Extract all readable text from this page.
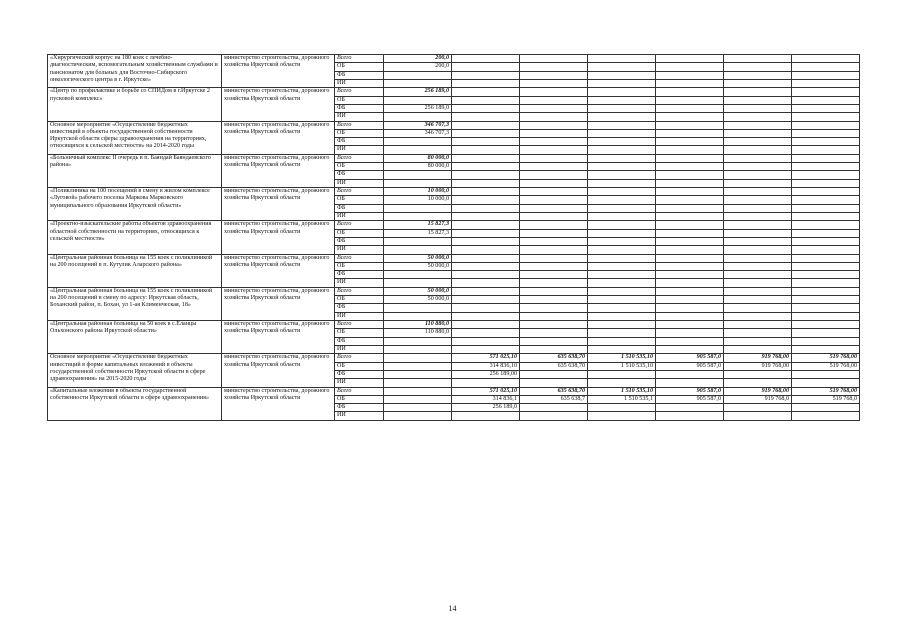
«Хирургический корпус на 180 коек с лечебно-диагностическим, вспомогательным хозяйственным службами и пансионатом для больных для Восточно-Сибирского онкологического центра в г. Иркутске»	министерство строительства, дорожного хозяйства Иркутской области	Всего	200,0						
		ОБ	200,0						
		ФБ							
		ИИ							
«Центр по профилактике и борьбе со СПИДом в г.Иркутске 2 пусковой комплекс»	министерство строительства, дорожного хозяйства Иркутской области	Всего	256 189,0						
		ОБ							
		ФБ	256 189,0						
		ИИ							
Основное мероприятие «Осуществление бюджетных инвестиций в объекты государственной собственности Иркутской области сферы здравоохранения на территориях, относящихся к сельской местности» на 2014-2020 годы	министерство строительства, дорожного хозяйства Иркутской области	Всего	346 707,3						
		ОБ	346 707,3						
		ФБ							
		ИИ							
«Больничный комплекс II очередь в п. Баяндай Баяндаевского района»	министерство строительства, дорожного хозяйства Иркутской области	Всего	80 000,0						
		ОБ	80 000,0						
		ФБ							
		ИИ							
«Поликлиника на 100 посещений в смену в жилом комплексе «Луговой» рабочего поселка Маркова Марковского муниципального образования Иркутской области»	министерство строительства, дорожного хозяйства Иркутской области	Всего	10 000,0						
		ОБ	10 000,0						
		ФБ							
		ИИ							
«Проектно-изыскательские работы объектов здравоохранения областной собственности на территориях, относящихся к сельской местности»	министерство строительства, дорожного хозяйства Иркутской области	Всего	15 827,3						
		ОБ	15 827,3						
		ФБ							
		ИИ							
«Центральная районная больница на 155 коек с поликлиникой на 200 посещений в п. Кутулик Аларского района»	министерство строительства, дорожного хозяйства Иркутской области	Всего	50 000,0						
		ОБ	50 000,0						
		ФБ							
		ИИ							
«Центральная районная больница на 155 коек с поликлиникой на 200 посещений в смену по адресу: Иркутская область, Боханский район, п. Бохан, ул 1-ая Клименческая, 18»	министерство строительства, дорожного хозяйства Иркутской области	Всего	50 000,0						
		ОБ	50 000,0						
		ФБ							
		ИИ							
«Центральная районная больница на 50 коек в с.Еланцы Ольхонского района Иркутской области»	министерство строительства, дорожного хозяйства Иркутской области	Всего	110 880,0						
		ОБ	110 880,0						
		ФБ							
		ИИ							
Основное мероприятие «Осуществление бюджетных инвестиций в форме капитальных вложений в объекты государственной собственности Иркутской области в сфере здравоохранения» на 2015-2020 годы	министерство строительства, дорожного хозяйства Иркутской области	Всего		571 025,10	635 638,70	1 510 535,10	905 587,0	919 768,00	519 768,00
		ОБ		314 836,10	635 638,70	1 510 535,10	905 587,0	919 768,00	519 768,00
		ФБ		256 189,00					
		ИИ							
«Капитальные вложения в объекты государственной собственности Иркутской области в сфере здравоохранения»	министерство строительства, дорожного хозяйства Иркутской области	Всего		571 025,10	635 638,70	1 510 535,10	905 587,0	919 768,00	519 768,00
		ОБ		314 836,1	635 638,7	1 510 535,1	905 587,0	919 768,0	519 768,0
		ФБ		256 189,0					
		ИИ							
14
